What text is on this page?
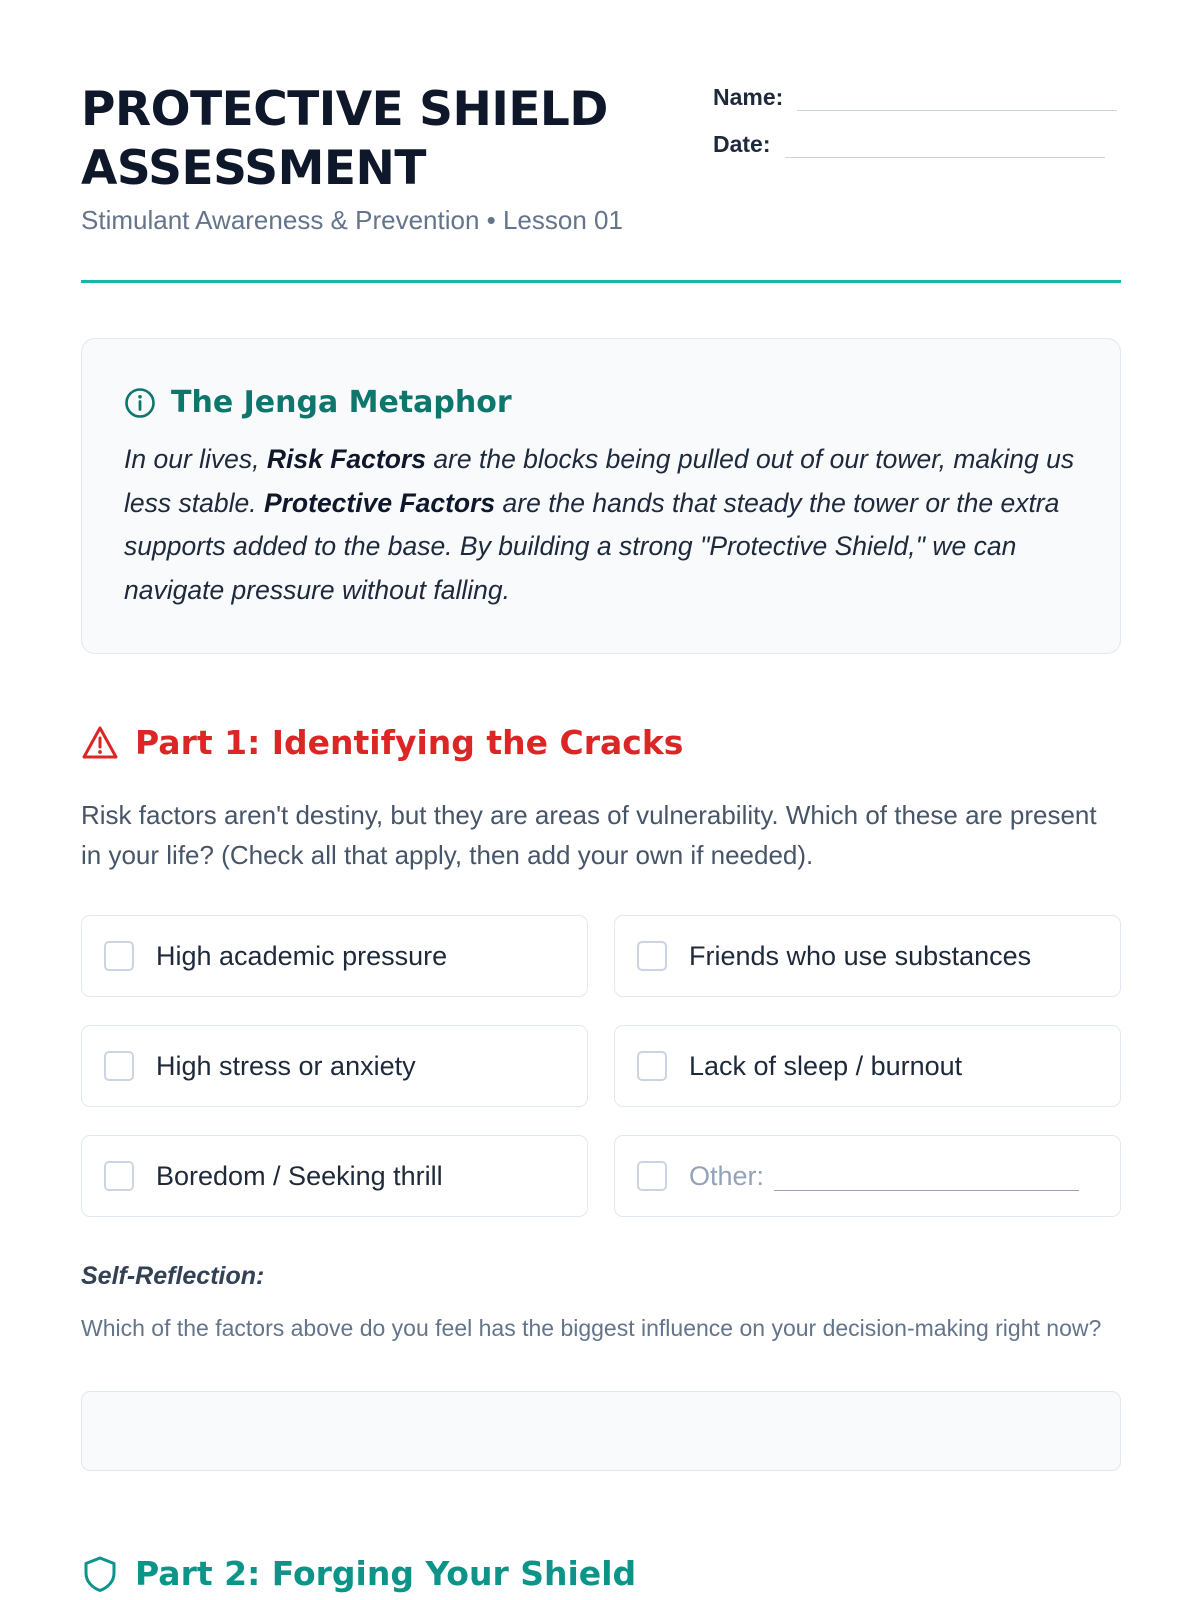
PROTECTIVE SHIELD ASSESSMENT
Stimulant Awareness & Prevention • Lesson 01
Name:
Date:
The Jenga Metaphor

In our lives, Risk Factors are the blocks being pulled out of our tower, making us less stable. Protective Factors are the hands that steady the tower or the extra supports added to the base. By building a strong "Protective Shield," we can navigate pressure without falling.

Part 1: Identifying the Cracks

Risk factors aren't destiny, but they are areas of vulnerability. Which of these are present in your life? (Check all that apply, then add your own if needed).

High academic pressure	Friends who use substances
High stress or anxiety	Lack of sleep / burnout
Boredom / Seeking thrill	Other:
Self-Reflection:

Which of the factors above do you feel has the biggest influence on your decision-making right now?

Part 2: Forging Your Shield
